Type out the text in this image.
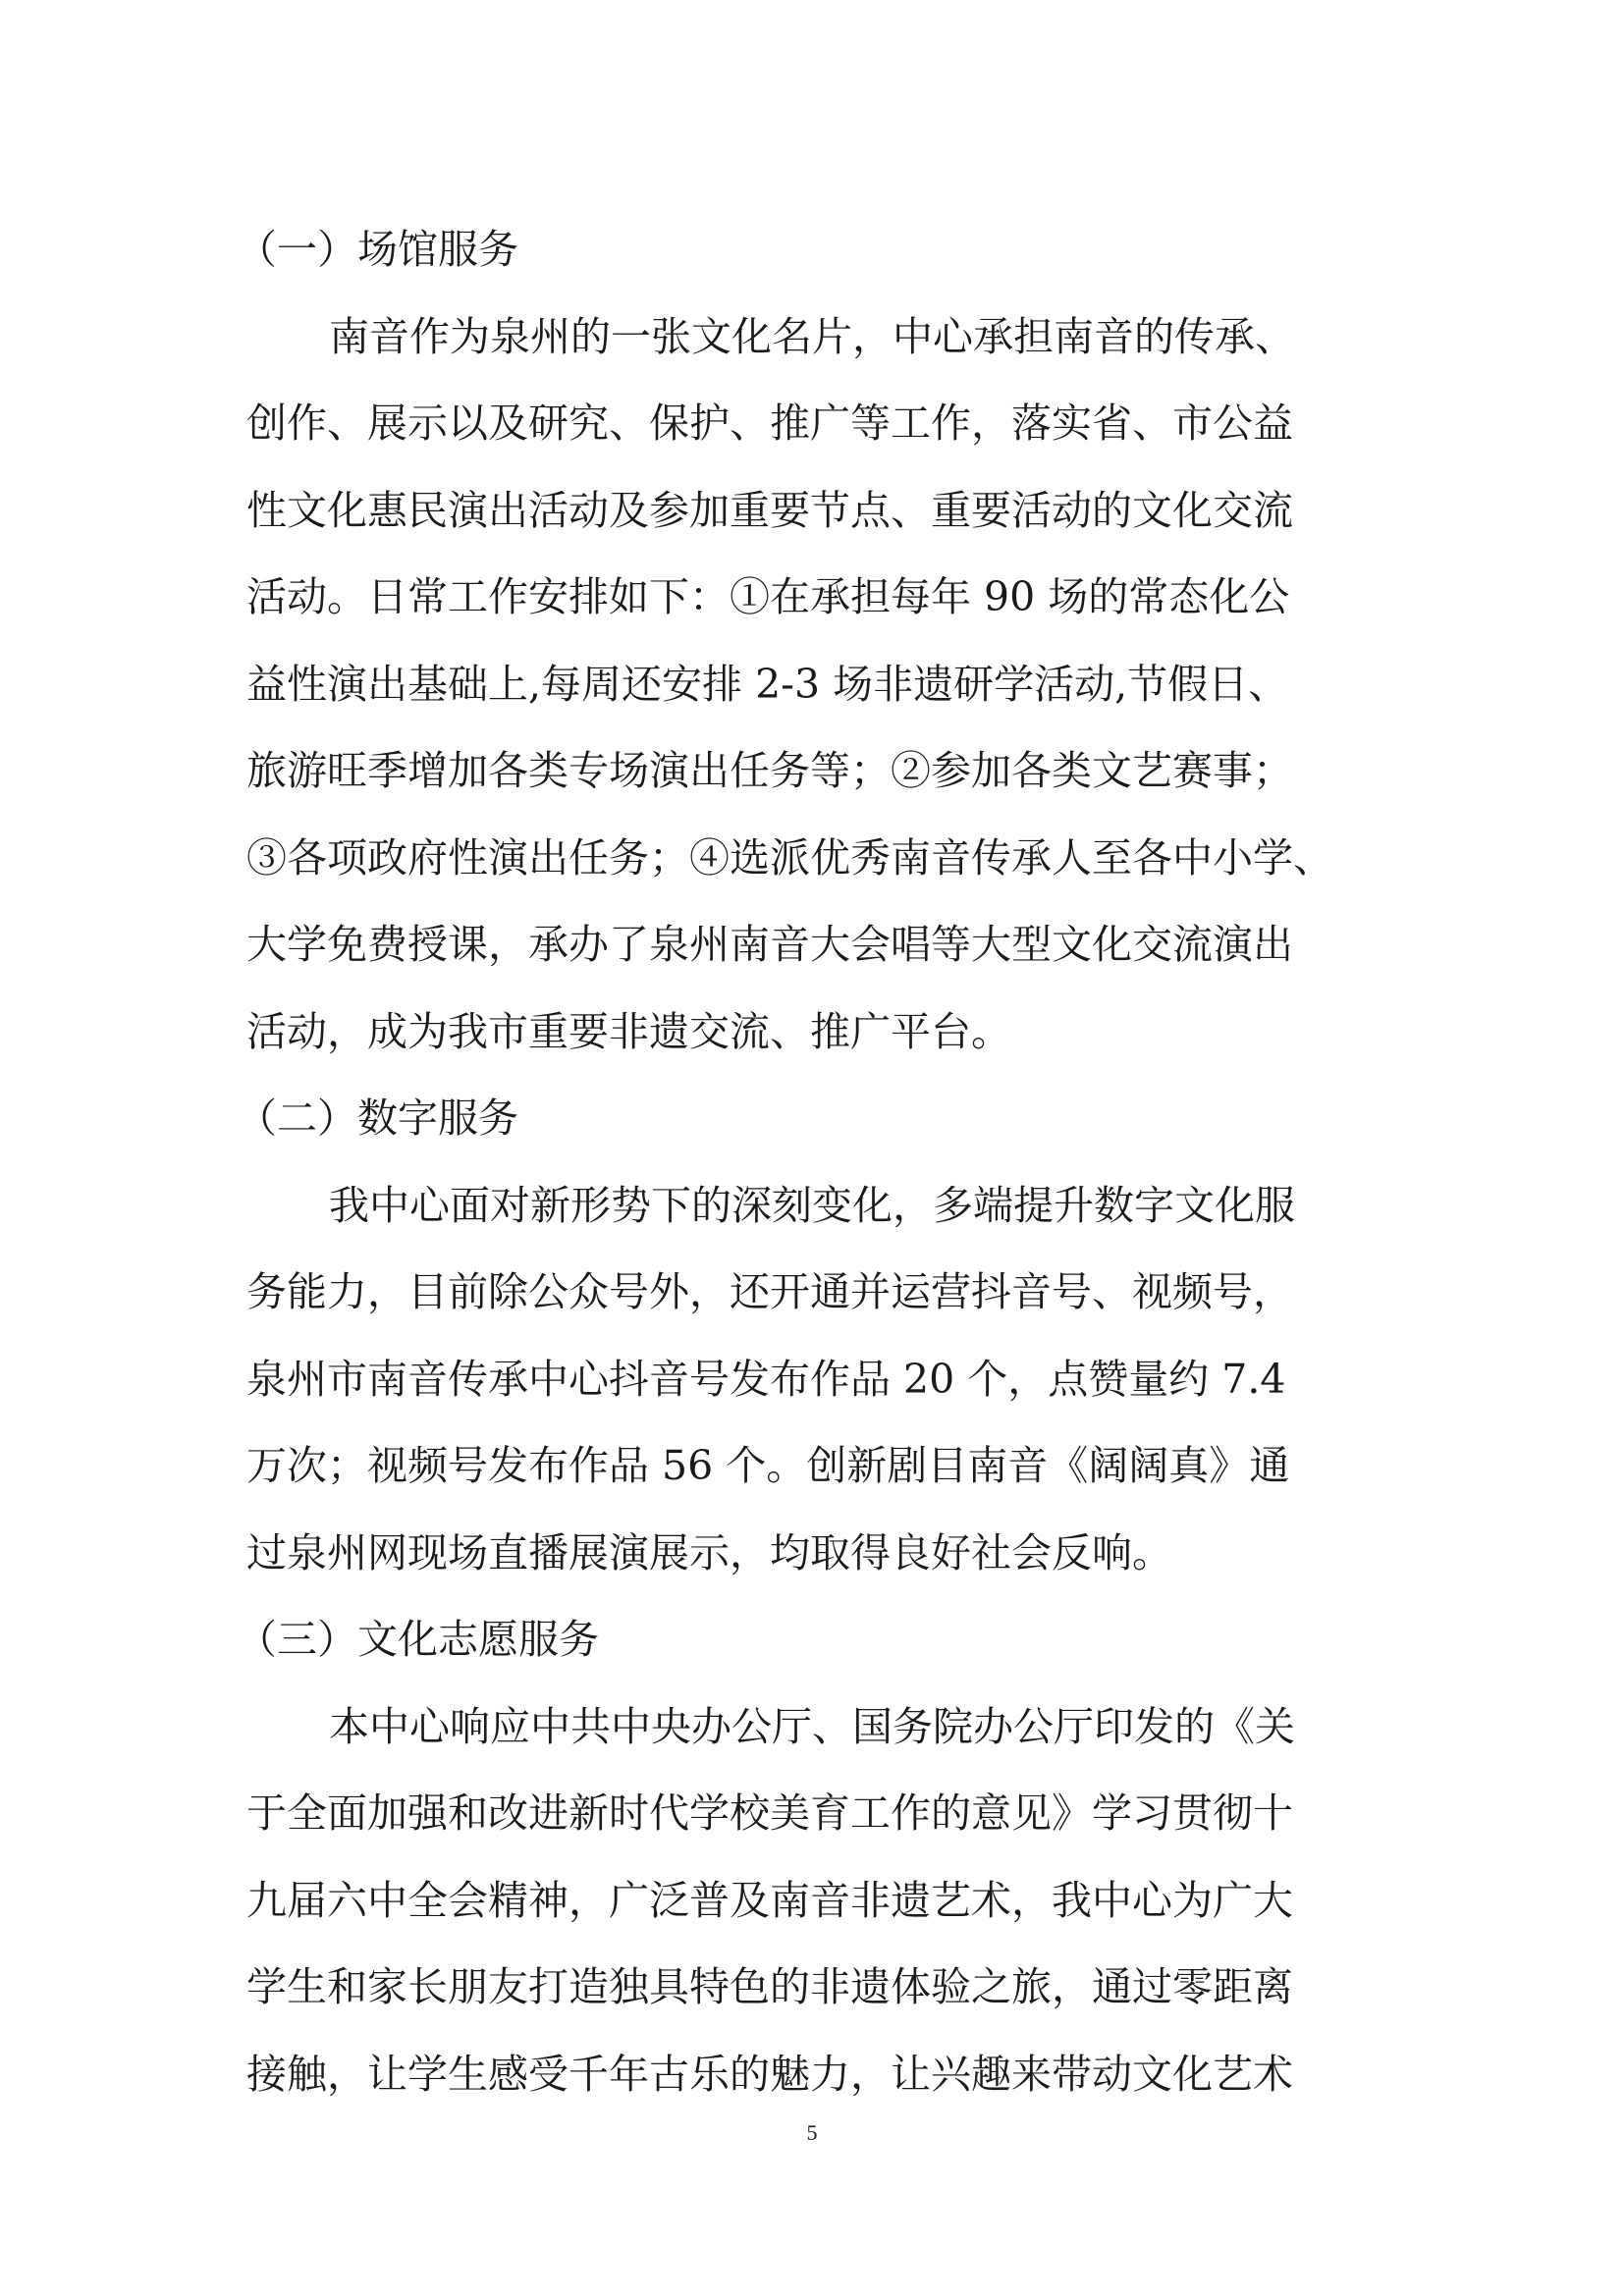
（一）场馆服务
南音作为泉州的一张文化名片，中心承担南音的传承、
创作、展示以及研究、保护、推广等工作，落实省、市公益
性文化惠民演出活动及参加重要节点、重要活动的文化交流
活动。日常工作安排如下：①在承担每年 90 场的常态化公
益性演出基础上,每周还安排 2-3 场非遗研学活动,节假日、
旅游旺季增加各类专场演出任务等；②参加各类文艺赛事；
③各项政府性演出任务；④选派优秀南音传承人至各中小学、
大学免费授课，承办了泉州南音大会唱等大型文化交流演出
活动，成为我市重要非遗交流、推广平台。
（二）数字服务
我中心面对新形势下的深刻变化，多端提升数字文化服
务能力，目前除公众号外，还开通并运营抖音号、视频号，
泉州市南音传承中心抖音号发布作品 20 个，点赞量约 7.4
万次；视频号发布作品 56 个。创新剧目南音《阔阔真》通
过泉州网现场直播展演展示，均取得良好社会反响。
（三）文化志愿服务
本中心响应中共中央办公厅、国务院办公厅印发的《关
于全面加强和改进新时代学校美育工作的意见》学习贯彻十
九届六中全会精神，广泛普及南音非遗艺术，我中心为广大
学生和家长朋友打造独具特色的非遗体验之旅，通过零距离
接触，让学生感受千年古乐的魅力，让兴趣来带动文化艺术
5
